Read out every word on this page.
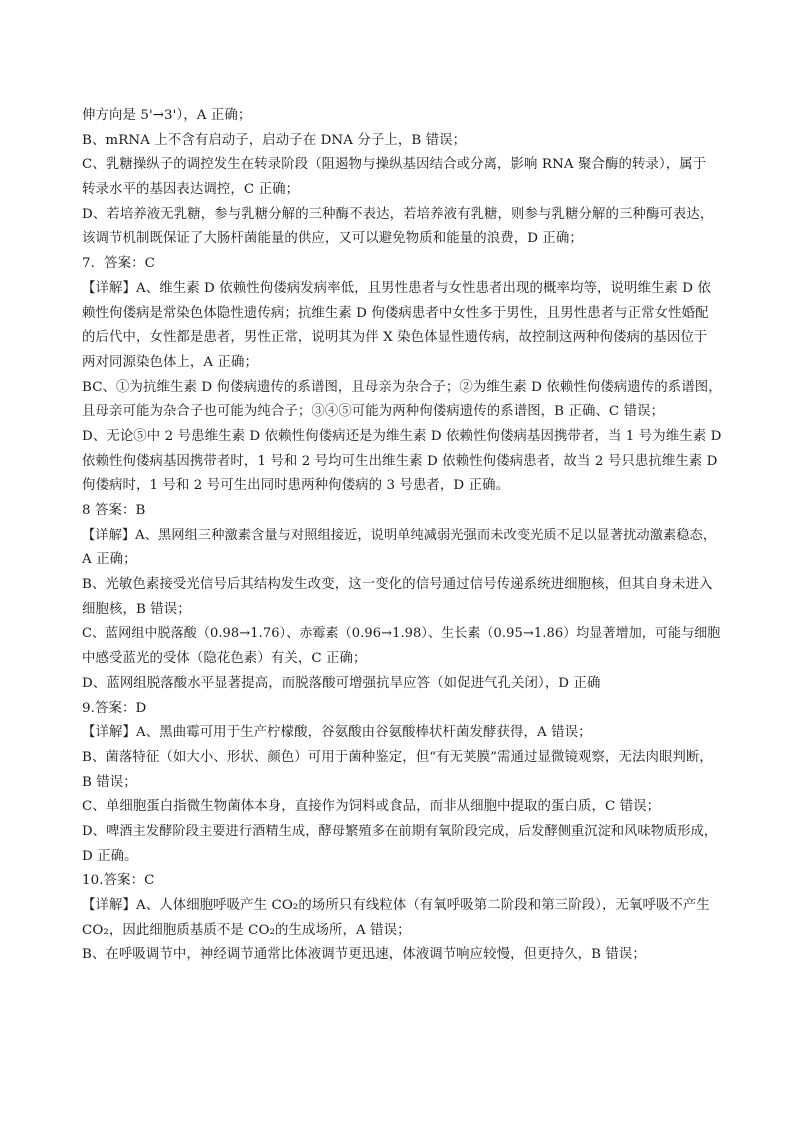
伸方向是 5'→3'），A 正确；
B、mRNA 上不含有启动子，启动子在 DNA 分子上，B 错误；
C、乳糖操纵子的调控发生在转录阶段（阻遏物与操纵基因结合或分离，影响 RNA 聚合酶的转录），属于
转录水平的基因表达调控，C 正确；
D、若培养液无乳糖，参与乳糖分解的三种酶不表达，若培养液有乳糖，则参与乳糖分解的三种酶可表达，
该调节机制既保证了大肠杆菌能量的供应，又可以避免物质和能量的浪费，D 正确；
7．答案：C
【详解】A、维生素 D 依赖性佝偻病发病率低，且男性患者与女性患者出现的概率均等，说明维生素 D 依
赖性佝偻病是常染色体隐性遗传病；抗维生素 D 佝偻病患者中女性多于男性，且男性患者与正常女性婚配
的后代中，女性都是患者，男性正常，说明其为伴 X 染色体显性遗传病，故控制这两种佝偻病的基因位于
两对同源染色体上，A 正确；
BC、①为抗维生素 D 佝偻病遗传的系谱图，且母亲为杂合子；②为维生素 D 依赖性佝偻病遗传的系谱图，
且母亲可能为杂合子也可能为纯合子；③④⑤可能为两种佝偻病遗传的系谱图，B 正确、C 错误；
D、无论⑤中 2 号患维生素 D 依赖性佝偻病还是为维生素 D 依赖性佝偻病基因携带者，当 1 号为维生素 D
依赖性佝偻病基因携带者时，1 号和 2 号均可生出维生素 D 依赖性佝偻病患者，故当 2 号只患抗维生素 D
佝偻病时，1 号和 2 号可生出同时患两种佝偻病的 3 号患者，D 正确。
8 答案：B
【详解】A、黑网组三种激素含量与对照组接近，说明单纯减弱光强而未改变光质不足以显著扰动激素稳态，
A 正确；
B、光敏色素接受光信号后其结构发生改变，这一变化的信号通过信号传递系统进细胞核，但其自身未进入
细胞核，B 错误；
C、蓝网组中脱落酸（0.98→1.76）、赤霉素（0.96→1.98）、生长素（0.95→1.86）均显著增加，可能与细胞
中感受蓝光的受体（隐花色素）有关，C 正确；
D、蓝网组脱落酸水平显著提高，而脱落酸可增强抗旱应答（如促进气孔关闭），D 正确
9.答案：D
【详解】A、黑曲霉可用于生产柠檬酸，谷氨酸由谷氨酸棒状杆菌发酵获得，A 错误；
B、菌落特征（如大小、形状、颜色）可用于菌种鉴定，但“有无荚膜”需通过显微镜观察，无法肉眼判断，
B 错误；
C、单细胞蛋白指微生物菌体本身，直接作为饲料或食品，而非从细胞中提取的蛋白质，C 错误；
D、啤酒主发酵阶段主要进行酒精生成，酵母繁殖多在前期有氧阶段完成，后发酵侧重沉淀和风味物质形成，
D 正确。
10.答案：C
【详解】A、人体细胞呼吸产生 CO₂的场所只有线粒体（有氧呼吸第二阶段和第三阶段），无氧呼吸不产生
CO₂，因此细胞质基质不是 CO₂的生成场所，A 错误；
B、在呼吸调节中，神经调节通常比体液调节更迅速，体液调节响应较慢，但更持久，B 错误；
